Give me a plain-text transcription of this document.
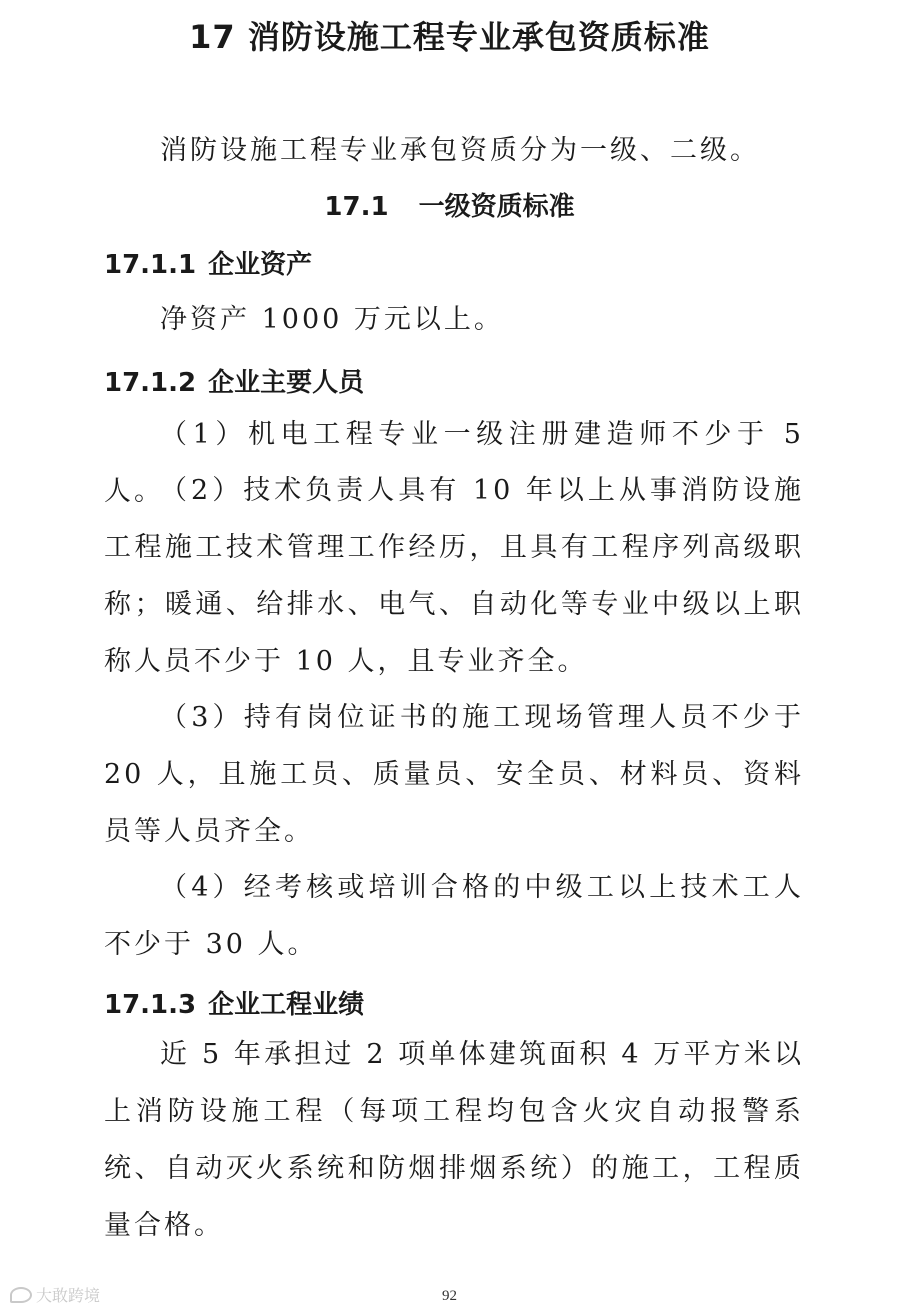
17 消防设施工程专业承包资质标准
消防设施工程专业承包资质分为一级、二级。
17.1 一级资质标准
17.1.1 企业资产
净资产 1000 万元以上。
17.1.2 企业主要人员
（1）机电工程专业一级注册建造师不少于 5 人。
（2）技术负责人具有 10 年以上从事消防设施工程施工技术管理工作经历，且具有工程序列高级职称；暖通、给排水、电气、自动化等专业中级以上职称人员不少于 10 人，且专业齐全。
（3）持有岗位证书的施工现场管理人员不少于 20 人，且施工员、质量员、安全员、材料员、资料员等人员齐全。
（4）经考核或培训合格的中级工以上技术工人不少于 30 人。
17.1.3 企业工程业绩
近 5 年承担过 2 项单体建筑面积 4 万平方米以上消防设施工程（每项工程均包含火灾自动报警系统、自动灭火系统和防烟排烟系统）的施工，工程质量合格。
92
大敢跨境
